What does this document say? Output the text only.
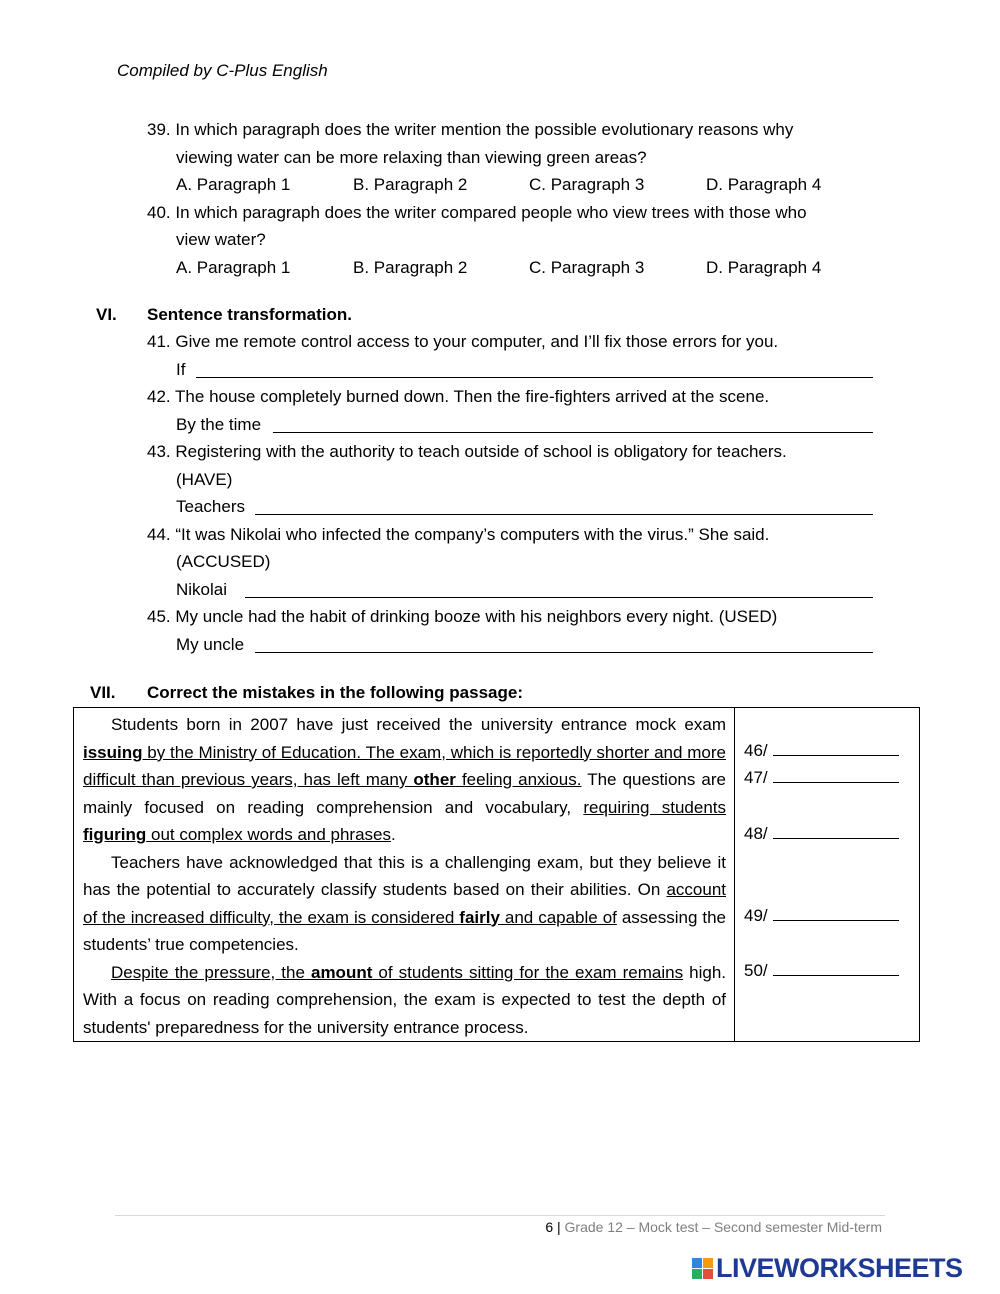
Compiled by C-Plus English
39. In which paragraph does the writer mention the possible evolutionary reasons why
viewing water can be more relaxing than viewing green areas?
A. Paragraph 1	B. Paragraph 2	C. Paragraph 3	D. Paragraph 4
40. In which paragraph does the writer compared people who view trees with those who
view water?
A. Paragraph 1	B. Paragraph 2	C. Paragraph 3	D. Paragraph 4
VI. Sentence transformation.
41. Give me remote control access to your computer, and I’ll fix those errors for you.
If
42. The house completely burned down. Then the fire-fighters arrived at the scene.
By the time
43. Registering with the authority to teach outside of school is obligatory for teachers.
(HAVE)
Teachers
44. “It was Nikolai who infected the company’s computers with the virus.” She said.
(ACCUSED)
Nikolai
45. My uncle had the habit of drinking booze with his neighbors every night. (USED)
My uncle
VII. Correct the mistakes in the following passage:

Students born in 2007 have just received the university entrance mock exam issuing by the Ministry of Education. The exam, which is reportedly shorter and more difficult than previous years, has left many other feeling anxious. The questions are mainly focused on reading comprehension and vocabulary, requiring students figuring out complex words and phrases.

Teachers have acknowledged that this is a challenging exam, but they believe it has the potential to accurately classify students based on their abilities. On account of the increased difficulty, the exam is considered fairly and capable of assessing the students’ true competencies.

Despite the pressure, the amount of students sitting for the exam remains high. With a focus on reading comprehension, the exam is expected to test the depth of students' preparedness for the university entrance process.

46/
47/
48/
49/
50/
6 | Grade 12 – Mock test – Second semester Mid-term
LIVEWORKSHEETS
